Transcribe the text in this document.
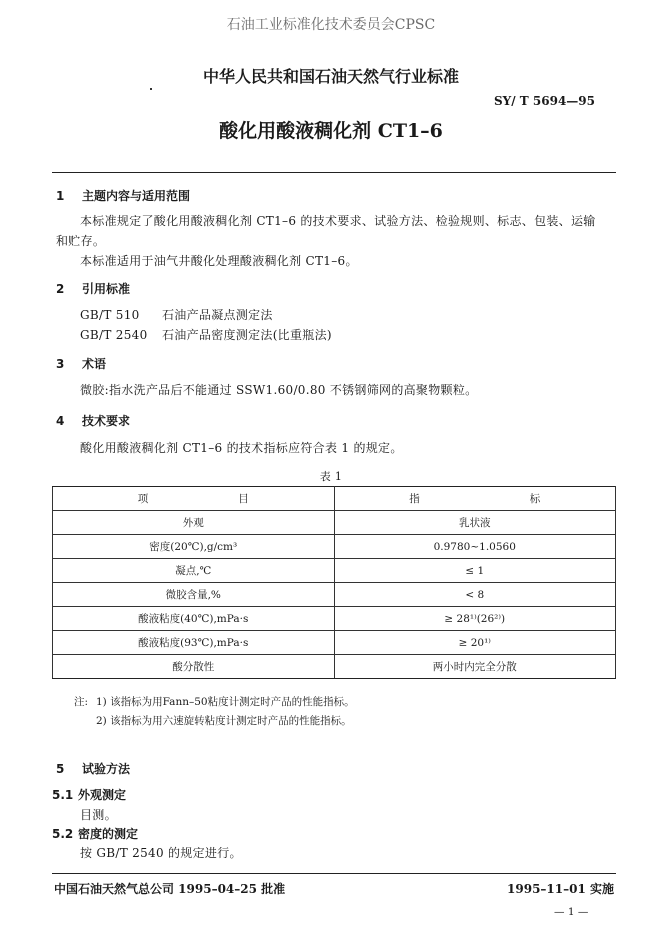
石油工业标准化技术委员会CPSC
中华人民共和国石油天然气行业标准
SY/ T 5694—95
酸化用酸液稠化剂 CT1–6
1 主题内容与适用范围
本标准规定了酸化用酸液稠化剂 CT1–6 的技术要求、试验方法、检验规则、标志、包装、运输
和贮存。
本标准适用于油气井酸化处理酸液稠化剂 CT1–6。
2 引用标准
GB/T 510 石油产品凝点测定法
GB/T 2540 石油产品密度测定法(比重瓶法)
3 术语
微胶:指水洗产品后不能通过 SSW1.60/0.80 不锈钢筛网的高聚物颗粒。
4 技术要求
酸化用酸液稠化剂 CT1–6 的技术指标应符合表 1 的规定。
表 1
项 目	指 标
外观	乳状液
密度(20℃),g/cm³	0.9780~1.0560
凝点,℃	≤ 1
微胶含量,%	< 8
酸液粘度(40℃),mPa·s	≥ 28¹⁾(26²⁾)
酸液粘度(93℃),mPa·s	≥ 20¹⁾
酸分散性	两小时内完全分散
注: 1) 该指标为用Fann–50粘度计测定时产品的性能指标。
2) 该指标为用六速旋转粘度计测定时产品的性能指标。
5 试验方法
5.1 外观测定
目测。
5.2 密度的测定
按 GB/T 2540 的规定进行。
中国石油天然气总公司 1995–04–25 批准	1995–11–01 实施
— 1 —
